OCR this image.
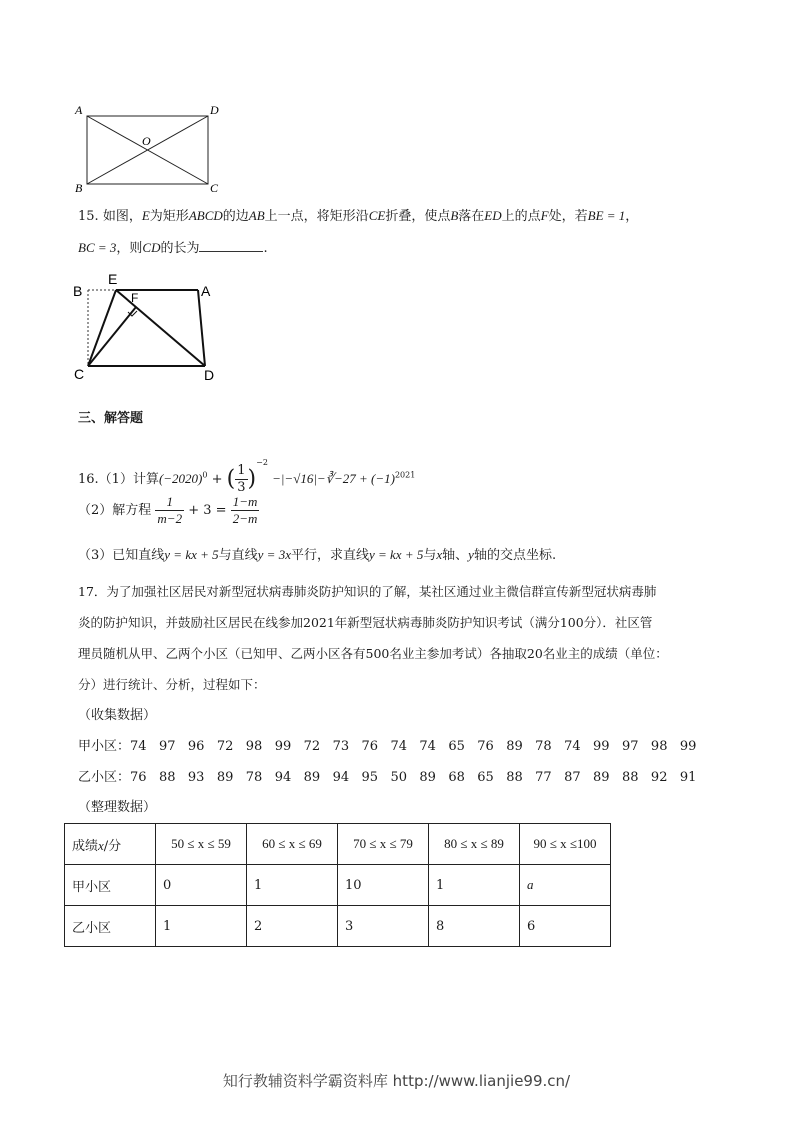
A	D
O
B	C
15. 如图，E为矩形ABCD的边AB上一点，将矩形沿CE折叠，使点B落在ED上的点F处，若BE = 1，
BC = 3，则CD的长为	.
B
E
F	A
C	D
三、解答题
16.（1）计算$(-2020)^0$ + ( $\frac{1}{3} )^{-2}$ −|−√16|−∛−27 + $(-1)^{2021}$
（2）解方程 $\frac{1}{m-2} + 3 = \frac{1-m}{2-m}$
（3）已知直线y = kx + 5与直线y = 3x平行，求直线y = kx + 5与x轴、y轴的交点坐标.
17．为了加强社区居民对新型冠状病毒肺炎防护知识的了解，某社区通过业主微信群宣传新型冠状病毒肺
炎的防护知识，并鼓励社区居民在线参加2021年新型冠状病毒肺炎防护知识考试（满分100分）．社区管
理员随机从甲、乙两个小区（已知甲、乙两小区各有500名业主参加考试）各抽取20名业主的成绩（单位：
分）进行统计、分析，过程如下：
（收集数据）
甲小区：74   97   96   72   98   99   72   73   76   74   74   65   76   89   78   74   99   97   98   99
乙小区：76   88   93   89   78   94   89   94   95   50   89   68   65   88   77   87   89   88   92   91
（整理数据）
成绩x/分	50 ≤ x ≤ 59	60 ≤ x ≤ 69	70 ≤ x ≤ 79	80 ≤ x ≤ 89	90 ≤ x ≤100
甲小区	0	1	10	1	a
乙小区	1	2	3	8	6
知行教辅资料学霸资料库 http://www.lianjie99.cn/
